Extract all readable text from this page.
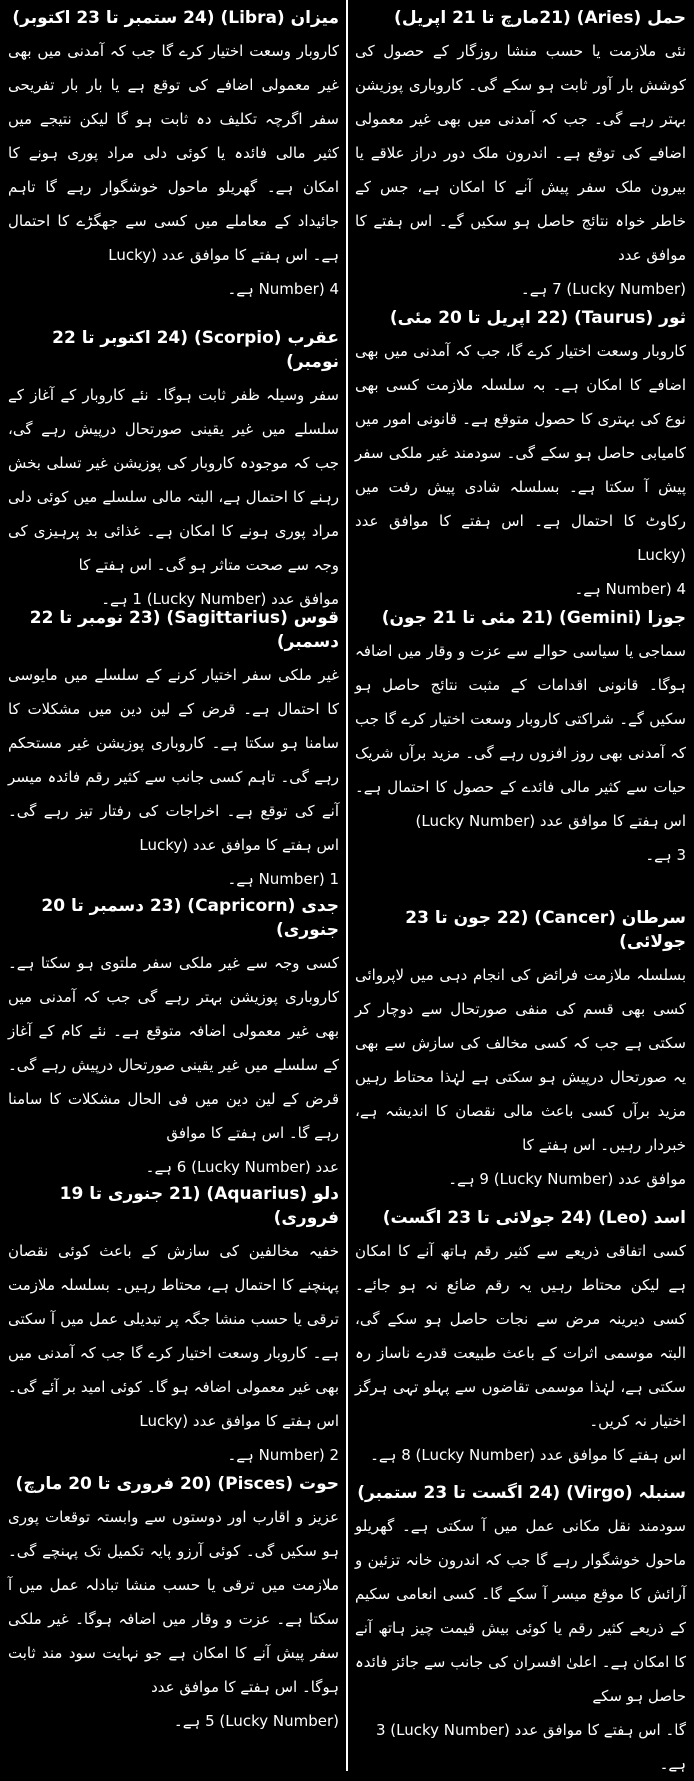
حمل (Aries) (21مارچ تا 21 اپریل)

نئی ملازمت یا حسب منشا روزگار کے حصول کی کوشش بار آور ثابت ہو سکے گی۔ کاروباری پوزیشن بہتر رہے گی۔ جب کہ آمدنی میں بھی غیر معمولی اضافے کی توقع ہے۔ اندرون ملک دور دراز علاقے یا بیرون ملک سفر پیش آنے کا امکان ہے، جس کے خاطر خواہ نتائج حاصل ہو سکیں گے۔ اس ہفتے کا موافق عدد

(Lucky Number) 7 ہے۔

ثور (Taurus) (22 اپریل تا 20 مئی)

کاروبار وسعت اختیار کرے گا، جب کہ آمدنی میں بھی اضافے کا امکان ہے۔ بہ سلسلہ ملازمت کسی بھی نوع کی بہتری کا حصول متوقع ہے۔ قانونی امور میں کامیابی حاصل ہو سکے گی۔ سودمند غیر ملکی سفر پیش آ سکتا ہے۔ بسلسلہ شادی پیش رفت میں رکاوٹ کا احتمال ہے۔ اس ہفتے کا موافق عدد (Lucky

Number) 4 ہے۔

جوزا (Gemini) (21 مئی تا 21 جون)

سماجی یا سیاسی حوالے سے عزت و وقار میں اضافہ ہوگا۔ قانونی اقدامات کے مثبت نتائج حاصل ہو سکیں گے۔ شراکتی کاروبار وسعت اختیار کرے گا جب کہ آمدنی بھی روز افزوں رہے گی۔ مزید برآں شریک حیات سے کثیر مالی فائدے کے حصول کا احتمال ہے۔ اس ہفتے کا موافق عدد (Lucky Number)

3 ہے۔

سرطان (Cancer) (22 جون تا 23 جولائی)

بسلسلہ ملازمت فرائض کی انجام دہی میں لاپروائی کسی بھی قسم کی منفی صورتحال سے دوچار کر سکتی ہے جب کہ کسی مخالف کی سازش سے بھی یہ صورتحال درپیش ہو سکتی ہے لہٰذا محتاط رہیں مزید برآں کسی باعث مالی نقصان کا اندیشہ ہے، خبردار رہیں۔ اس ہفتے کا

موافق عدد (Lucky Number) 9 ہے۔

اسد (Leo) (24 جولائی تا 23 اگست)

کسی اتفاقی ذریعے سے کثیر رقم ہاتھ آنے کا امکان ہے لیکن محتاط رہیں یہ رقم ضائع نہ ہو جائے۔ کسی دیرینہ مرض سے نجات حاصل ہو سکے گی، البتہ موسمی اثرات کے باعث طبیعت قدرے ناساز رہ سکتی ہے، لہٰذا موسمی تقاضوں سے پہلو تہی ہرگز اختیار نہ کریں۔

اس ہفتے کا موافق عدد (Lucky Number) 8 ہے۔

سنبلہ (Virgo) (24 اگست تا 23 ستمبر)

سودمند نقل مکانی عمل میں آ سکتی ہے۔ گھریلو ماحول خوشگوار رہے گا جب کہ اندرون خانہ تزئین و آرائش کا موقع میسر آ سکے گا۔ کسی انعامی سکیم کے ذریعے کثیر رقم یا کوئی بیش قیمت چیز ہاتھ آنے کا امکان ہے۔ اعلیٰ افسران کی جانب سے جائز فائدہ حاصل ہو سکے

گا۔ اس ہفتے کا موافق عدد (Lucky Number) 3 ہے۔

میزان (Libra) (24 ستمبر تا 23 اکتوبر)

کاروبار وسعت اختیار کرے گا جب کہ آمدنی میں بھی غیر معمولی اضافے کی توقع ہے یا بار بار تفریحی سفر اگرچہ تکلیف دہ ثابت ہو گا لیکن نتیجے میں کثیر مالی فائدہ یا کوئی دلی مراد پوری ہونے کا امکان ہے۔ گھریلو ماحول خوشگوار رہے گا تاہم جائیداد کے معاملے میں کسی سے جھگڑے کا احتمال ہے۔ اس ہفتے کا موافق عدد (Lucky

Number) 4 ہے۔

عقرب (Scorpio) (24 اکتوبر تا 22 نومبر)

سفر وسیلہ ظفر ثابت ہوگا۔ نئے کاروبار کے آغاز کے سلسلے میں غیر یقینی صورتحال درپیش رہے گی، جب کہ موجودہ کاروبار کی پوزیشن غیر تسلی بخش رہنے کا احتمال ہے، البتہ مالی سلسلے میں کوئی دلی مراد پوری ہونے کا امکان ہے۔ غذائی بد پرہیزی کی وجہ سے صحت متاثر ہو گی۔ اس ہفتے کا

موافق عدد (Lucky Number) 1 ہے۔

قوس (Sagittarius) (23 نومبر تا 22 دسمبر)

غیر ملکی سفر اختیار کرنے کے سلسلے میں مایوسی کا احتمال ہے۔ قرض کے لین دین میں مشکلات کا سامنا ہو سکتا ہے۔ کاروباری پوزیشن غیر مستحکم رہے گی۔ تاہم کسی جانب سے کثیر رقم فائدہ میسر آنے کی توقع ہے۔ اخراجات کی رفتار تیز رہے گی۔ اس ہفتے کا موافق عدد (Lucky

Number) 1 ہے۔

جدی (Capricorn) (23 دسمبر تا 20 جنوری)

کسی وجہ سے غیر ملکی سفر ملتوی ہو سکتا ہے۔ کاروباری پوزیشن بہتر رہے گی جب کہ آمدنی میں بھی غیر معمولی اضافہ متوقع ہے۔ نئے کام کے آغاز کے سلسلے میں غیر یقینی صورتحال درپیش رہے گی۔ قرض کے لین دین میں فی الحال مشکلات کا سامنا رہے گا۔ اس ہفتے کا موافق

عدد (Lucky Number) 6 ہے۔

دلو (Aquarius) (21 جنوری تا 19 فروری)

خفیہ مخالفین کی سازش کے باعث کوئی نقصان پہنچنے کا احتمال ہے، محتاط رہیں۔ بسلسلہ ملازمت ترقی یا حسب منشا جگہ پر تبدیلی عمل میں آ سکتی ہے۔ کاروبار وسعت اختیار کرے گا جب کہ آمدنی میں بھی غیر معمولی اضافہ ہو گا۔ کوئی امید بر آئے گی۔ اس ہفتے کا موافق عدد (Lucky

Number) 2 ہے۔

حوت (Pisces) (20 فروری تا 20 مارچ)

عزیز و اقارب اور دوستوں سے وابستہ توقعات پوری ہو سکیں گی۔ کوئی آرزو پایہ تکمیل تک پہنچے گی۔ ملازمت میں ترقی یا حسب منشا تبادلہ عمل میں آ سکتا ہے۔ عزت و وقار میں اضافہ ہوگا۔ غیر ملکی سفر پیش آنے کا امکان ہے جو نہایت سود مند ثابت ہوگا۔ اس ہفتے کا موافق عدد

(Lucky Number) 5 ہے۔
